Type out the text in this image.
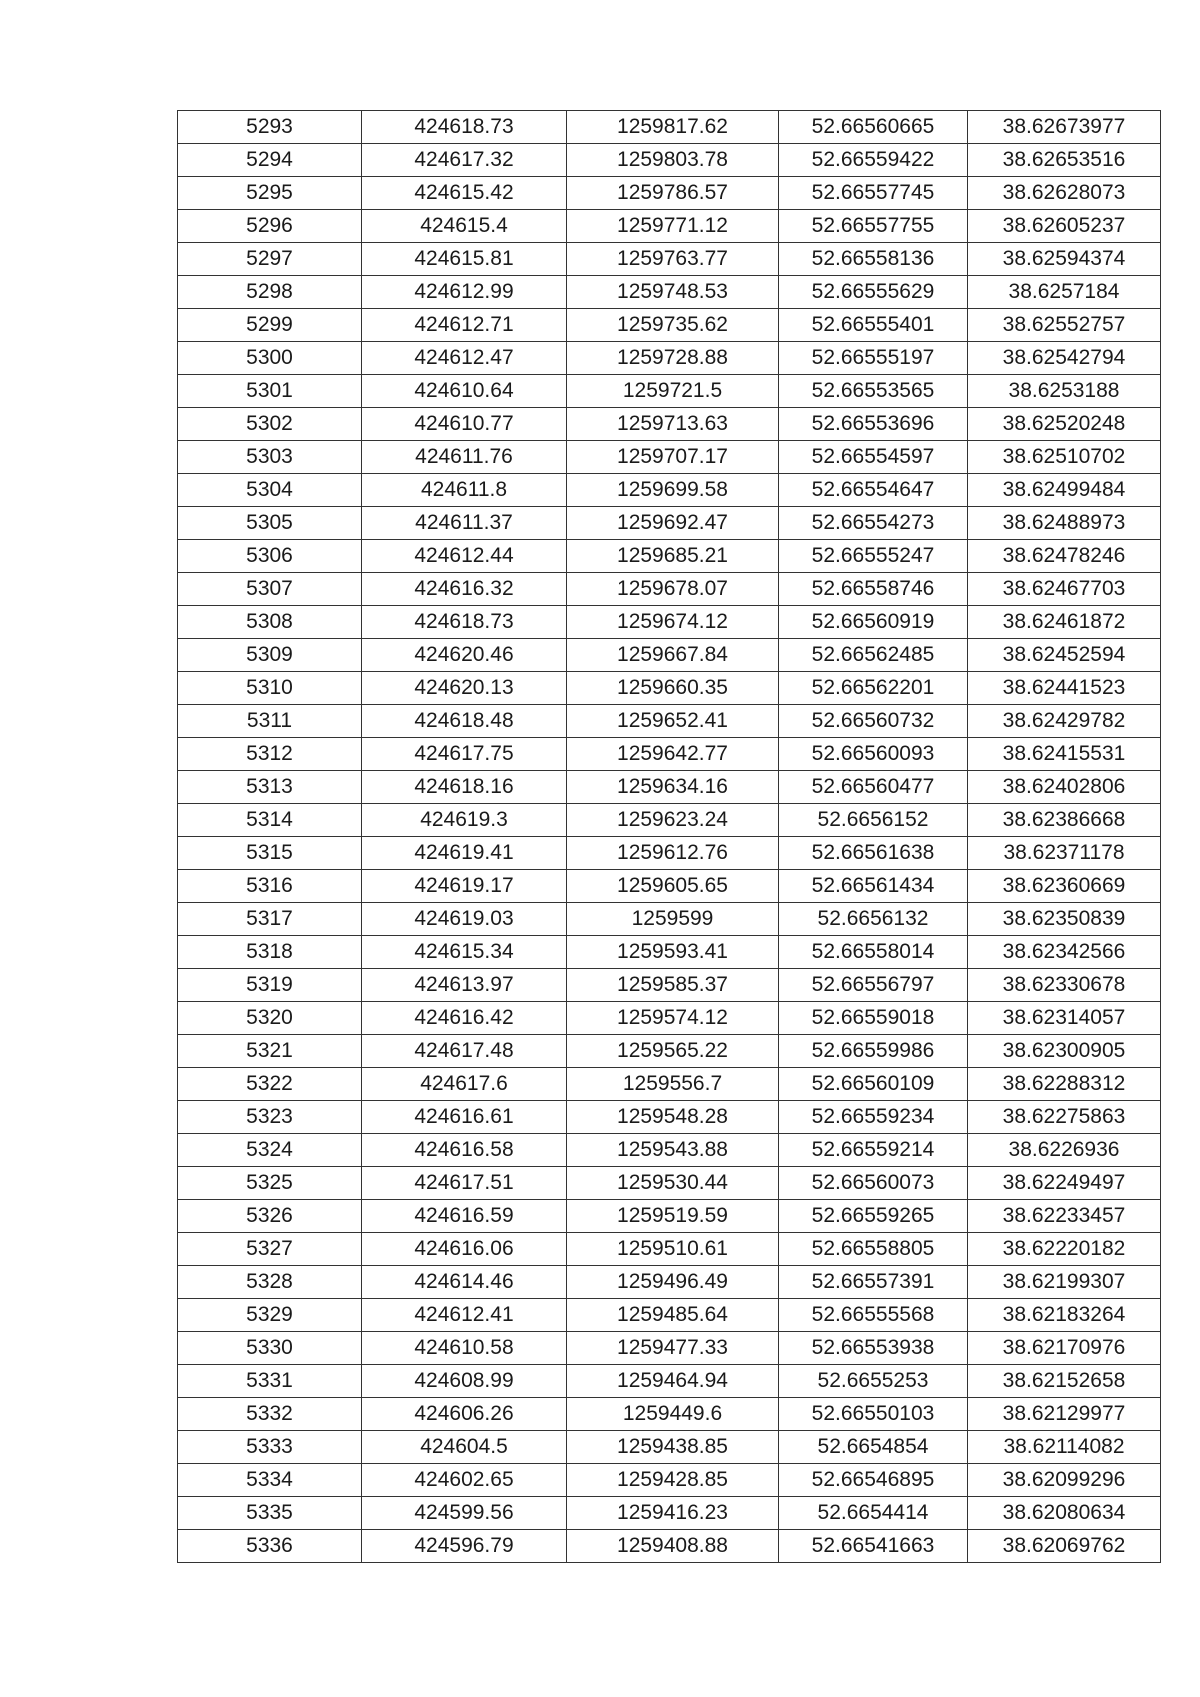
5293	424618.73	1259817.62	52.66560665	38.62673977
5294	424617.32	1259803.78	52.66559422	38.62653516
5295	424615.42	1259786.57	52.66557745	38.62628073
5296	424615.4	1259771.12	52.66557755	38.62605237
5297	424615.81	1259763.77	52.66558136	38.62594374
5298	424612.99	1259748.53	52.66555629	38.6257184
5299	424612.71	1259735.62	52.66555401	38.62552757
5300	424612.47	1259728.88	52.66555197	38.62542794
5301	424610.64	1259721.5	52.66553565	38.6253188
5302	424610.77	1259713.63	52.66553696	38.62520248
5303	424611.76	1259707.17	52.66554597	38.62510702
5304	424611.8	1259699.58	52.66554647	38.62499484
5305	424611.37	1259692.47	52.66554273	38.62488973
5306	424612.44	1259685.21	52.66555247	38.62478246
5307	424616.32	1259678.07	52.66558746	38.62467703
5308	424618.73	1259674.12	52.66560919	38.62461872
5309	424620.46	1259667.84	52.66562485	38.62452594
5310	424620.13	1259660.35	52.66562201	38.62441523
5311	424618.48	1259652.41	52.66560732	38.62429782
5312	424617.75	1259642.77	52.66560093	38.62415531
5313	424618.16	1259634.16	52.66560477	38.62402806
5314	424619.3	1259623.24	52.6656152	38.62386668
5315	424619.41	1259612.76	52.66561638	38.62371178
5316	424619.17	1259605.65	52.66561434	38.62360669
5317	424619.03	1259599	52.6656132	38.62350839
5318	424615.34	1259593.41	52.66558014	38.62342566
5319	424613.97	1259585.37	52.66556797	38.62330678
5320	424616.42	1259574.12	52.66559018	38.62314057
5321	424617.48	1259565.22	52.66559986	38.62300905
5322	424617.6	1259556.7	52.66560109	38.62288312
5323	424616.61	1259548.28	52.66559234	38.62275863
5324	424616.58	1259543.88	52.66559214	38.6226936
5325	424617.51	1259530.44	52.66560073	38.62249497
5326	424616.59	1259519.59	52.66559265	38.62233457
5327	424616.06	1259510.61	52.66558805	38.62220182
5328	424614.46	1259496.49	52.66557391	38.62199307
5329	424612.41	1259485.64	52.66555568	38.62183264
5330	424610.58	1259477.33	52.66553938	38.62170976
5331	424608.99	1259464.94	52.6655253	38.62152658
5332	424606.26	1259449.6	52.66550103	38.62129977
5333	424604.5	1259438.85	52.6654854	38.62114082
5334	424602.65	1259428.85	52.66546895	38.62099296
5335	424599.56	1259416.23	52.6654414	38.62080634
5336	424596.79	1259408.88	52.66541663	38.62069762
